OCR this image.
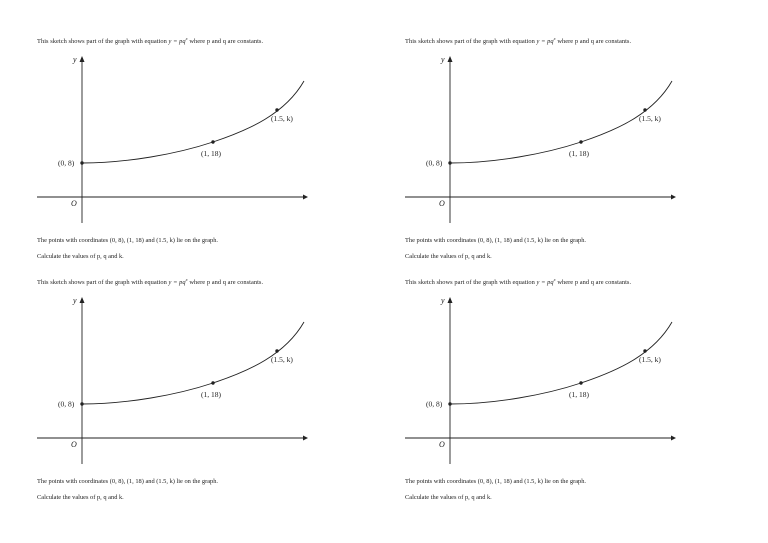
This sketch shows part of the graph with equation $y = pq^x$ where p and q are constants.
y
O
(0, 8)
(1, 18)
(1.5, k)
The points with coordinates (0, 8), (1, 18) and (1.5, k) lie on the graph.
Calculate the values of p, q and k.
This sketch shows part of the graph with equation $y = pq^x$ where p and q are constants.
y
O
(0, 8)
(1, 18)
(1.5, k)
The points with coordinates (0, 8), (1, 18) and (1.5, k) lie on the graph.
Calculate the values of p, q and k.
This sketch shows part of the graph with equation $y = pq^x$ where p and q are constants.
y
O
(0, 8)
(1, 18)
(1.5, k)
The points with coordinates (0, 8), (1, 18) and (1.5, k) lie on the graph.
Calculate the values of p, q and k.
This sketch shows part of the graph with equation $y = pq^x$ where p and q are constants.
y
O
(0, 8)
(1, 18)
(1.5, k)
The points with coordinates (0, 8), (1, 18) and (1.5, k) lie on the graph.
Calculate the values of p, q and k.
